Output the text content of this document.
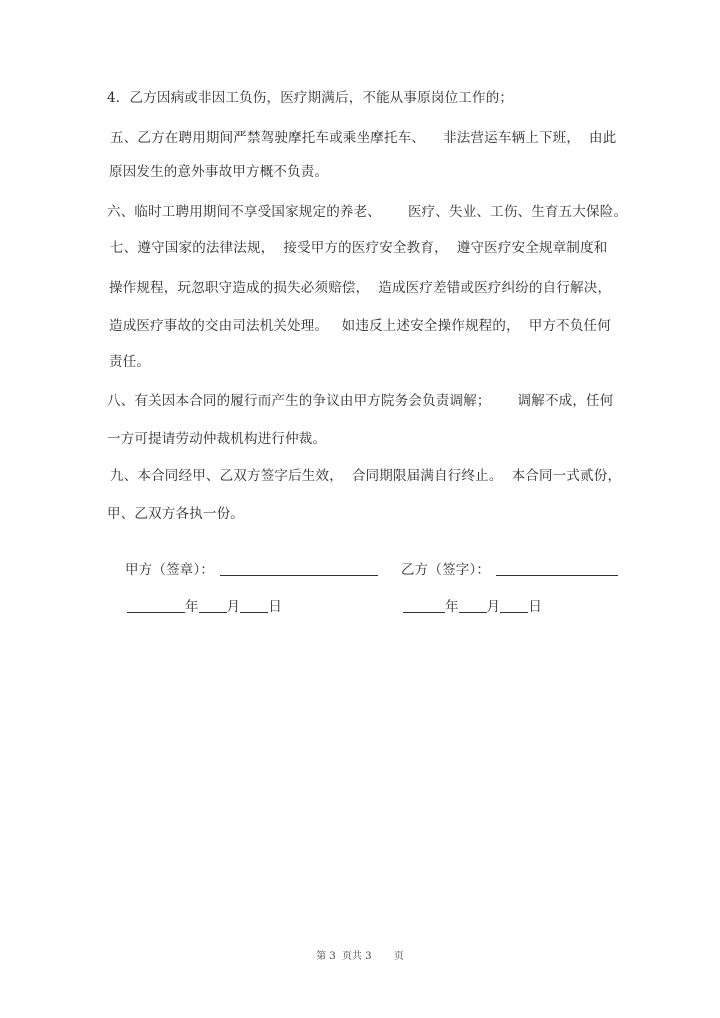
4．乙方因病或非因工负伤，医疗期满后，不能从事原岗位工作的；
五、乙方在聘用期间严禁驾驶摩托车或乘坐摩托车、    非法营运车辆上下班，  由此
原因发生的意外事故甲方概不负责。
六、临时工聘用期间不享受国家规定的养老、      医疗、失业、工伤、生育五大保险。
七、遵守国家的法律法规，  接受甲方的医疗安全教育，  遵守医疗安全规章制度和
操作规程，玩忽职守造成的损失必须赔偿，  造成医疗差错或医疗纠纷的自行解决，
造成医疗事故的交由司法机关处理。   如违反上述安全操作规程的，  甲方不负任何
责任。
八、有关因本合同的履行而产生的争议由甲方院务会负责调解；      调解不成，任何
一方可提请劳动仲裁机构进行仲裁。
九、本合同经甲、乙双方签字后生效，  合同期限届满自行终止。  本合同一式贰份，
甲、乙双方各执一份。

甲方（签章）：
	乙方（签字）：

年 月 日
	年 月 日

第 3  页共 3       页
